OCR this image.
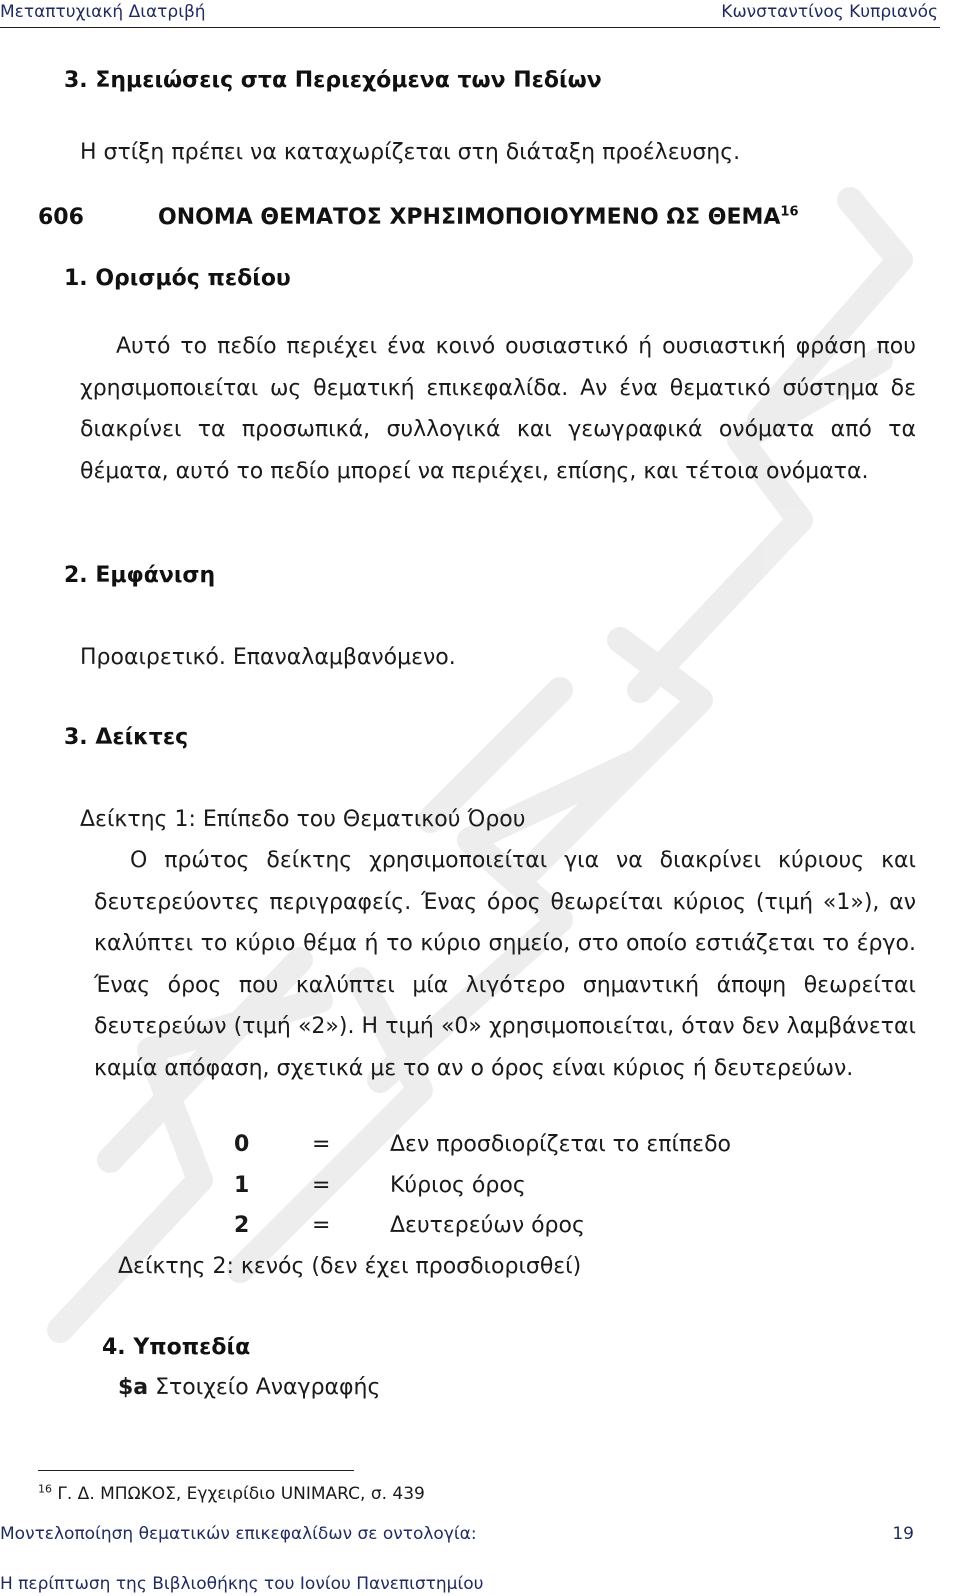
Μεταπτυχιακή Διατριβή	Κωνσταντίνος Κυπριανός
3. Σημειώσεις στα Περιεχόμενα των Πεδίων
Η στίξη πρέπει να καταχωρίζεται στη διάταξη προέλευσης.
606	ΟΝΟΜΑ ΘΕΜΑΤΟΣ ΧΡΗΣΙΜΟΠΟΙΟΥΜΕΝΟ ΩΣ ΘΕΜΑ$^{16}$
1. Ορισμός πεδίου
Αυτό το πεδίο περιέχει ένα κοινό ουσιαστικό ή ουσιαστική φράση που χρησιμοποιείται ως θεματική επικεφαλίδα. Αν ένα θεματικό σύστημα δε διακρίνει τα προσωπικά, συλλογικά και γεωγραφικά ονόματα από τα θέματα, αυτό το πεδίο μπορεί να περιέχει, επίσης, και τέτοια ονόματα.
2. Εμφάνιση
Προαιρετικό. Επαναλαμβανόμενο.
3. Δείκτες
Δείκτης 1: Επίπεδο του Θεματικού Όρου
Ο πρώτος δείκτης χρησιμοποιείται για να διακρίνει κύριους και δευτερεύοντες περιγραφείς. Ένας όρος θεωρείται κύριος (τιμή «1»), αν καλύπτει το κύριο θέμα ή το κύριο σημείο, στο οποίο εστιάζεται το έργο. Ένας όρος που καλύπτει μία λιγότερο σημαντική άποψη θεωρείται δευτερεύων (τιμή «2»). Η τιμή «0» χρησιμοποιείται, όταν δεν λαμβάνεται καμία απόφαση, σχετικά με το αν ο όρος είναι κύριος ή δευτερεύων.
0	=	Δεν προσδιορίζεται το επίπεδο
1	=	Κύριος όρος
2	=	Δευτερεύων όρος
Δείκτης 2: κενός (δεν έχει προσδιορισθεί)
4. Υποπεδία
$a Στοιχείο Αναγραφής
$^{16}$ Γ. Δ. ΜΠΩΚΟΣ, Εγχειρίδιο UNIMARC, σ. 439
Μοντελοποίηση θεματικών επικεφαλίδων σε οντολογία:
Η περίπτωση της Βιβλιοθήκης του Ιονίου Πανεπιστημίου
19
